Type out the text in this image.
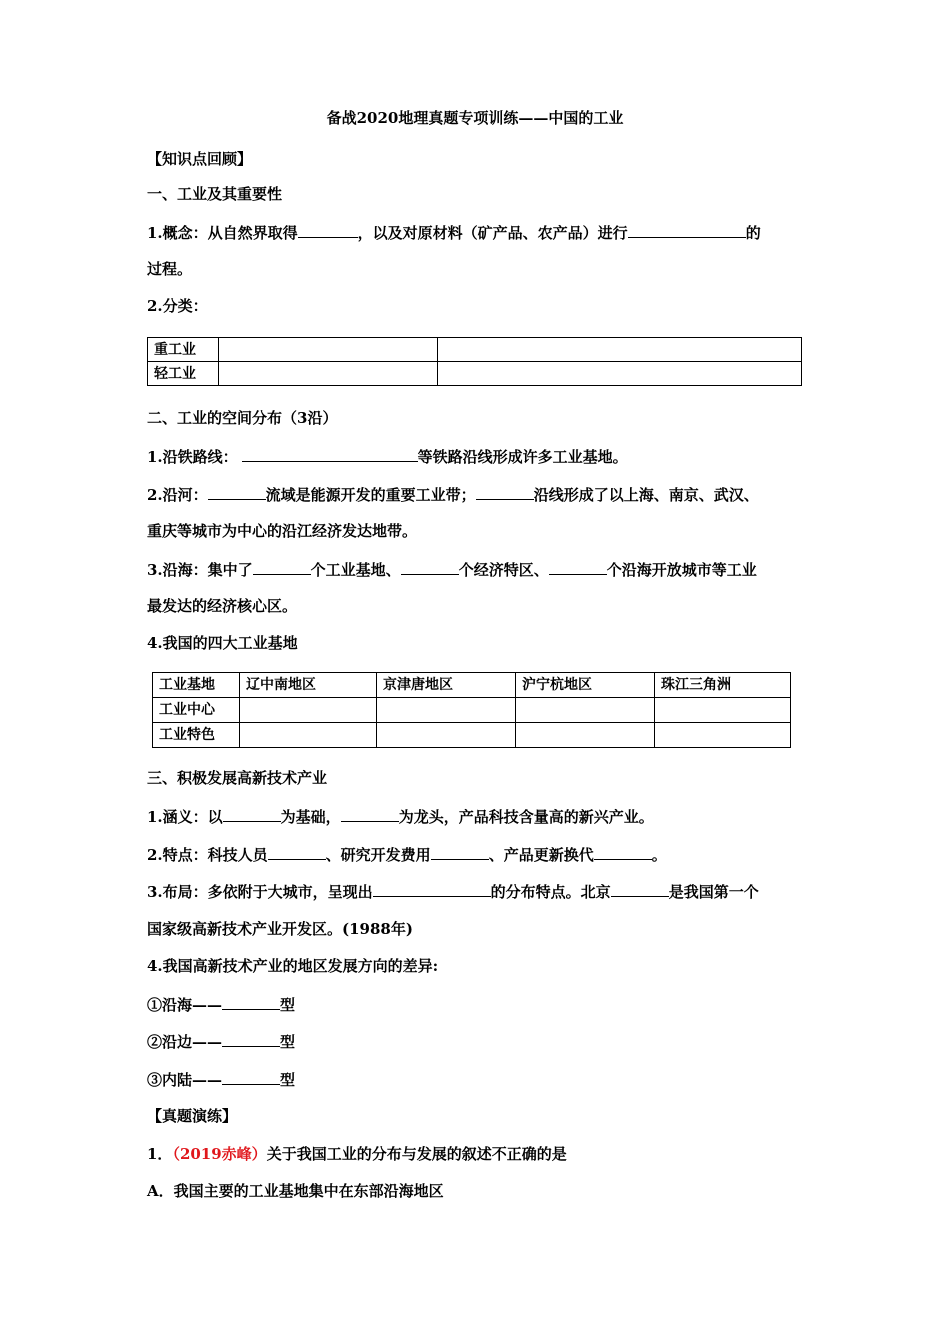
备战2020地理真题专项训练——中国的工业
【知识点回顾】
一、工业及其重要性
1.概念：从自然界取得	，以及对原材料（矿产品、农产品）进行	的
过程。
2.分类：
重工业		
轻工业		
二、工业的空间分布（3沿）
1.沿铁路线：	等铁路沿线形成许多工业基地。
2.沿河：	流域是能源开发的重要工业带；	沿线形成了以上海、南京、武汉、
重庆等城市为中心的沿江经济发达地带。
3.沿海：集中了	个工业基地、	个经济特区、	个沿海开放城市等工业
最发达的经济核心区。
4.我国的四大工业基地
工业基地	辽中南地区	京津唐地区	沪宁杭地区	珠江三角洲
工业中心				
工业特色				
三、积极发展高新技术产业
1.涵义：以	为基础，	为龙头，产品科技含量高的新兴产业。
2.特点：科技人员	、研究开发费用	、产品更新换代	。
3.布局：多依附于大城市，呈现出	的分布特点。北京	是我国第一个
国家级高新技术产业开发区。(1988年)
4.我国高新技术产业的地区发展方向的差异:
①沿海——	型
②沿边——	型
③内陆——	型
【真题演练】
1．（2019赤峰）关于我国工业的分布与发展的叙述不正确的是
A．我国主要的工业基地集中在东部沿海地区
